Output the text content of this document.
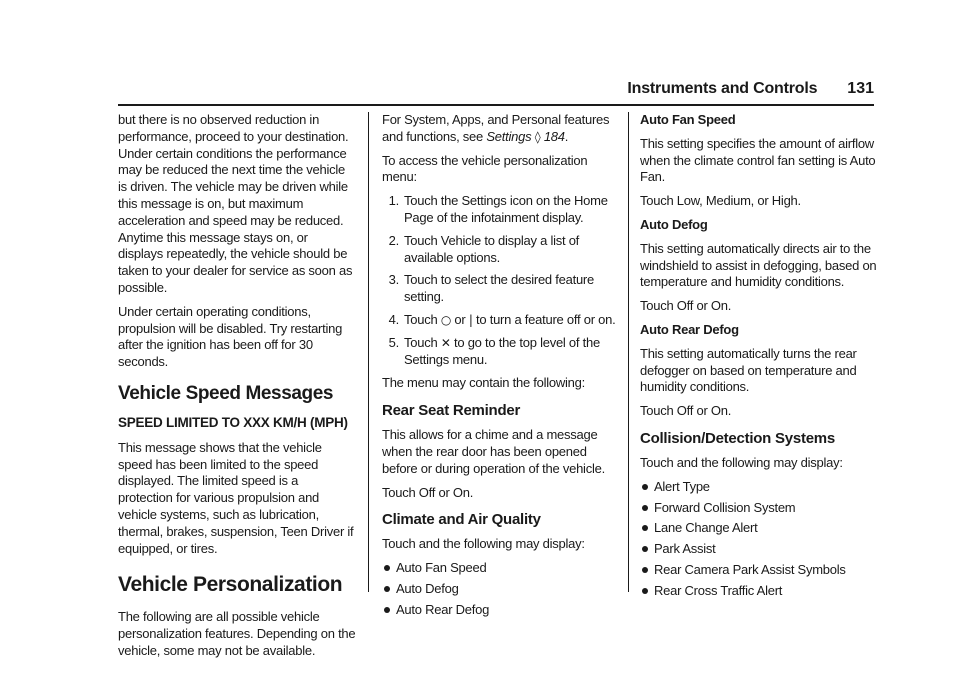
Instruments and Controls 131

but there is no observed reduction in performance, proceed to your destination. Under certain conditions the performance may be reduced the next time the vehicle is driven. The vehicle may be driven while this message is on, but maximum acceleration and speed may be reduced. Anytime this message stays on, or displays repeatedly, the vehicle should be taken to your dealer for service as soon as possible.

Under certain operating conditions, propulsion will be disabled. Try restarting after the ignition has been off for 30 seconds.

Vehicle Speed Messages
SPEED LIMITED TO XXX KM/H (MPH)

This message shows that the vehicle speed has been limited to the speed displayed. The limited speed is a protection for various propulsion and vehicle systems, such as lubrication, thermal, brakes, suspension, Teen Driver if equipped, or tires.

Vehicle Personalization

The following are all possible vehicle personalization features. Depending on the vehicle, some may not be available.

For System, Apps, and Personal features and functions, see Settings ◊ 184.

To access the vehicle personalization menu:

1. Touch the Settings icon on the Home Page of the infotainment display.
2. Touch Vehicle to display a list of available options.
3. Touch to select the desired feature setting.
4. Touch ○ or | to turn a feature off or on.
5. Touch ✕ to go to the top level of the Settings menu.

The menu may contain the following:

Rear Seat Reminder

This allows for a chime and a message when the rear door has been opened before or during operation of the vehicle.

Touch Off or On.

Climate and Air Quality

Touch and the following may display:

Auto Fan Speed
Auto Defog
Auto Rear Defog
Auto Fan Speed

This setting specifies the amount of airflow when the climate control fan setting is Auto Fan.

Touch Low, Medium, or High.

Auto Defog

This setting automatically directs air to the windshield to assist in defogging, based on temperature and humidity conditions.

Touch Off or On.

Auto Rear Defog

This setting automatically turns the rear defogger on based on temperature and humidity conditions.

Touch Off or On.

Collision/Detection Systems

Touch and the following may display:

Alert Type
Forward Collision System
Lane Change Alert
Park Assist
Rear Camera Park Assist Symbols
Rear Cross Traffic Alert
